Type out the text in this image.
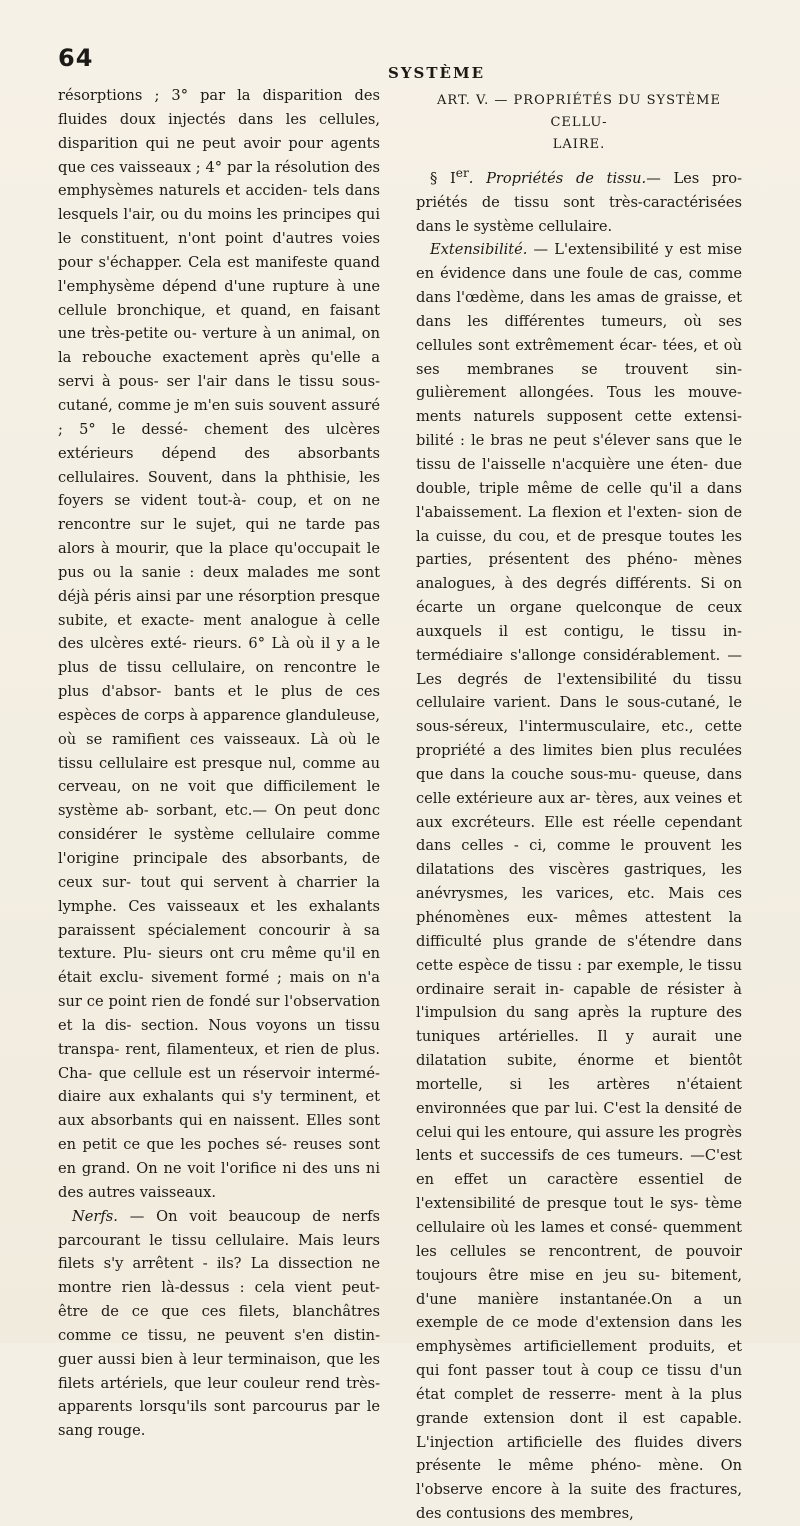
64
SYSTÈME

résorptions ; 3° par la disparition des fluides doux injectés dans les cellules, disparition qui ne peut avoir pour agents que ces vaisseaux ; 4° par la résolution des emphysèmes naturels et acciden- tels dans lesquels l'air, ou du moins les principes qui le constituent, n'ont point d'autres voies pour s'échapper. Cela est manifeste quand l'emphysème dépend d'une rupture à une cellule bronchique, et quand, en faisant une très-petite ou- verture à un animal, on la rebouche exactement après qu'elle a servi à pous- ser l'air dans le tissu sous-cutané, comme je m'en suis souvent assuré ; 5° le dessé- chement des ulcères extérieurs dépend des absorbants cellulaires. Souvent, dans la phthisie, les foyers se vident tout-à- coup, et on ne rencontre sur le sujet, qui ne tarde pas alors à mourir, que la place qu'occupait le pus ou la sanie : deux malades me sont déjà péris ainsi par une résorption presque subite, et exacte- ment analogue à celle des ulcères exté- rieurs. 6° Là où il y a le plus de tissu cellulaire, on rencontre le plus d'absor- bants et le plus de ces espèces de corps à apparence glanduleuse, où se ramifient ces vaisseaux. Là où le tissu cellulaire est presque nul, comme au cerveau, on ne voit que difficilement le système ab- sorbant, etc.— On peut donc considérer le système cellulaire comme l'origine principale des absorbants, de ceux sur- tout qui servent à charrier la lymphe. Ces vaisseaux et les exhalants paraissent spécialement concourir à sa texture. Plu- sieurs ont cru même qu'il en était exclu- sivement formé ; mais on n'a sur ce point rien de fondé sur l'observation et la dis- section. Nous voyons un tissu transpa- rent, filamenteux, et rien de plus. Cha- que cellule est un réservoir intermé- diaire aux exhalants qui s'y terminent, et aux absorbants qui en naissent. Elles sont en petit ce que les poches sé- reuses sont en grand. On ne voit l'orifice ni des uns ni des autres vaisseaux.

Nerfs. — On voit beaucoup de nerfs parcourant le tissu cellulaire. Mais leurs filets s'y arrêtent - ils? La dissection ne montre rien là-dessus : cela vient peut- être de ce que ces filets, blanchâtres comme ce tissu, ne peuvent s'en distin- guer aussi bien à leur terminaison, que les filets artériels, que leur couleur rend très-apparents lorsqu'ils sont parcourus par le sang rouge.

ART. V. — PROPRIÉTÉS DU SYSTÈME CELLU-
LAIRE.

§ Ier. Propriétés de tissu.— Les pro- priétés de tissu sont très-caractérisées dans le système cellulaire.

Extensibilité. — L'extensibilité y est mise en évidence dans une foule de cas, comme dans l'œdème, dans les amas de graisse, et dans les différentes tumeurs, où ses cellules sont extrêmement écar- tées, et où ses membranes se trouvent sin- gulièrement allongées. Tous les mouve- ments naturels supposent cette extensi- bilité : le bras ne peut s'élever sans que le tissu de l'aisselle n'acquière une éten- due double, triple même de celle qu'il a dans l'abaissement. La flexion et l'exten- sion de la cuisse, du cou, et de presque toutes les parties, présentent des phéno- mènes analogues, à des degrés différents. Si on écarte un organe quelconque de ceux auxquels il est contigu, le tissu in- termédiaire s'allonge considérablement. — Les degrés de l'extensibilité du tissu cellulaire varient. Dans le sous-cutané, le sous-séreux, l'intermusculaire, etc., cette propriété a des limites bien plus reculées que dans la couche sous-mu- queuse, dans celle extérieure aux ar- tères, aux veines et aux excréteurs. Elle est réelle cependant dans celles - ci, comme le prouvent les dilatations des viscères gastriques, les anévrysmes, les varices, etc. Mais ces phénomènes eux- mêmes attestent la difficulté plus grande de s'étendre dans cette espèce de tissu : par exemple, le tissu ordinaire serait in- capable de résister à l'impulsion du sang après la rupture des tuniques artérielles. Il y aurait une dilatation subite, énorme et bientôt mortelle, si les artères n'étaient environnées que par lui. C'est la densité de celui qui les entoure, qui assure les progrès lents et successifs de ces tumeurs. —C'est en effet un caractère essentiel de l'extensibilité de presque tout le sys- tème cellulaire où les lames et consé- quemment les cellules se rencontrent, de pouvoir toujours être mise en jeu su- bitement, d'une manière instantanée.On a un exemple de ce mode d'extension dans les emphysèmes artificiellement produits, et qui font passer tout à coup ce tissu d'un état complet de resserre- ment à la plus grande extension dont il est capable. L'injection artificielle des fluides divers présente le même phéno- mène. On l'observe encore à la suite des fractures, des contusions des membres,
